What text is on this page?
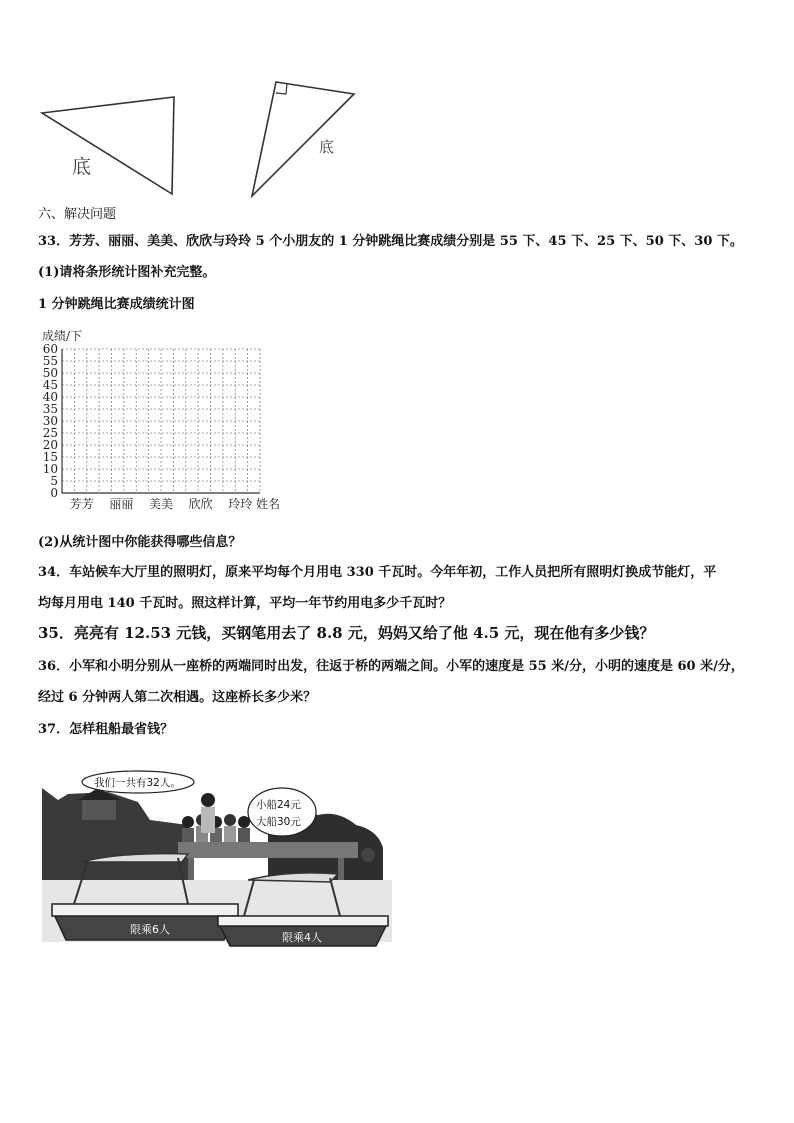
底
底
六、解决问题
33．芳芳、丽丽、美美、欣欣与玲玲 5 个小朋友的 1 分钟跳绳比赛成绩分别是 55 下、45 下、25 下、50 下、30 下。
(1)请将条形统计图补充完整。
1 分钟跳绳比赛成绩统计图
成绩/下
0
5
10
15
20
25
30
35
40
45
50
55
60
芳芳 丽丽 美美 欣欣 玲玲 姓名
(2)从统计图中你能获得哪些信息？
34．车站候车大厅里的照明灯，原来平均每个月用电 330 千瓦时。今年年初，工作人员把所有照明灯换成节能灯，平
均每月用电 140 千瓦时。照这样计算，平均一年节约用电多少千瓦时？
35．亮亮有 12.53 元钱，买钢笔用去了 8.8 元，妈妈又给了他 4.5 元，现在他有多少钱？
36．小军和小明分别从一座桥的两端同时出发，往返于桥的两端之间。小军的速度是 55 米/分，小明的速度是 60 米/分，
经过 6 分钟两人第二次相遇。这座桥长多少米？
37．怎样租船最省钱？
我们一共有32人。
小船24元
大船30元
限乘6人
限乘4人
